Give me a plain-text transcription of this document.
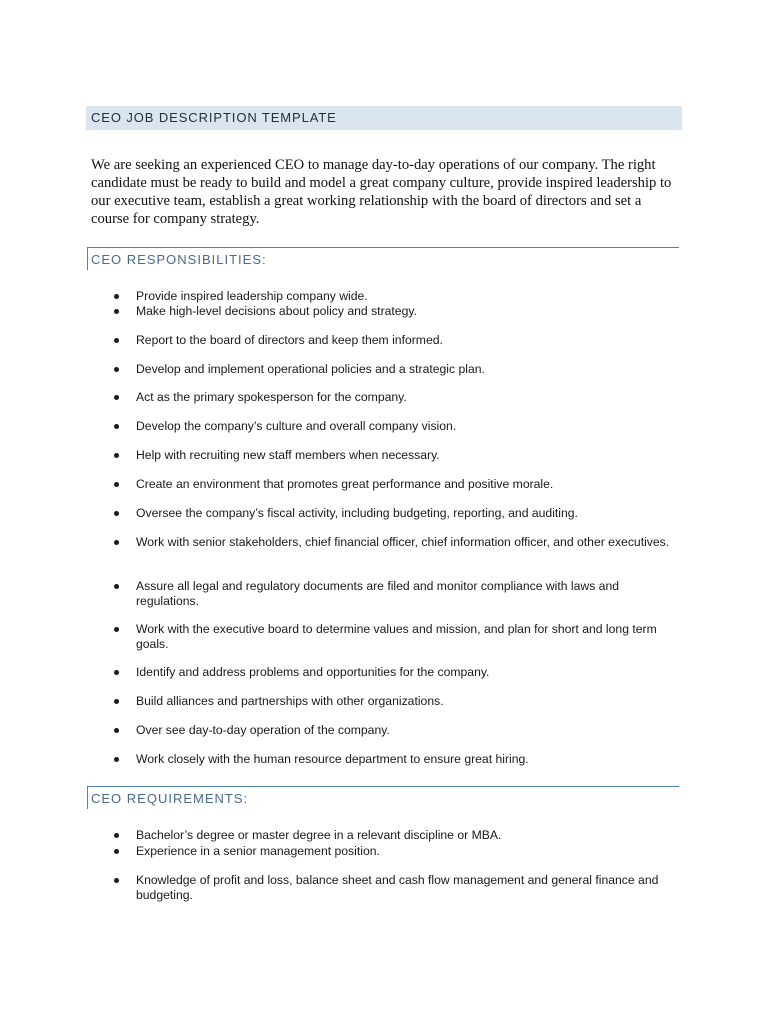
CEO JOB DESCRIPTION TEMPLATE

We are seeking an experienced CEO to manage day-to-day operations of our company. The right candidate must be ready to build and model a great company culture, provide inspired leadership to our executive team, establish a great working relationship with the board of directors and set a course for company strategy.

CEO RESPONSIBILITIES:
Provide inspired leadership company wide.
Make high-level decisions about policy and strategy.
Report to the board of directors and keep them informed.
Develop and implement operational policies and a strategic plan.
Act as the primary spokesperson for the company.
Develop the company’s culture and overall company vision.
Help with recruiting new staff members when necessary.
Create an environment that promotes great performance and positive morale.
Oversee the company’s fiscal activity, including budgeting, reporting, and auditing.
Work with senior stakeholders, chief financial officer, chief information officer, and other executives.
Assure all legal and regulatory documents are filed and monitor compliance with laws and regulations.
Work with the executive board to determine values and mission, and plan for short and long term goals.
Identify and address problems and opportunities for the company.
Build alliances and partnerships with other organizations.
Over see day-to-day operation of the company.
Work closely with the human resource department to ensure great hiring.
CEO REQUIREMENTS:
Bachelor’s degree or master degree in a relevant discipline or MBA.
Experience in a senior management position.
Knowledge of profit and loss, balance sheet and cash flow management and general finance and budgeting.
